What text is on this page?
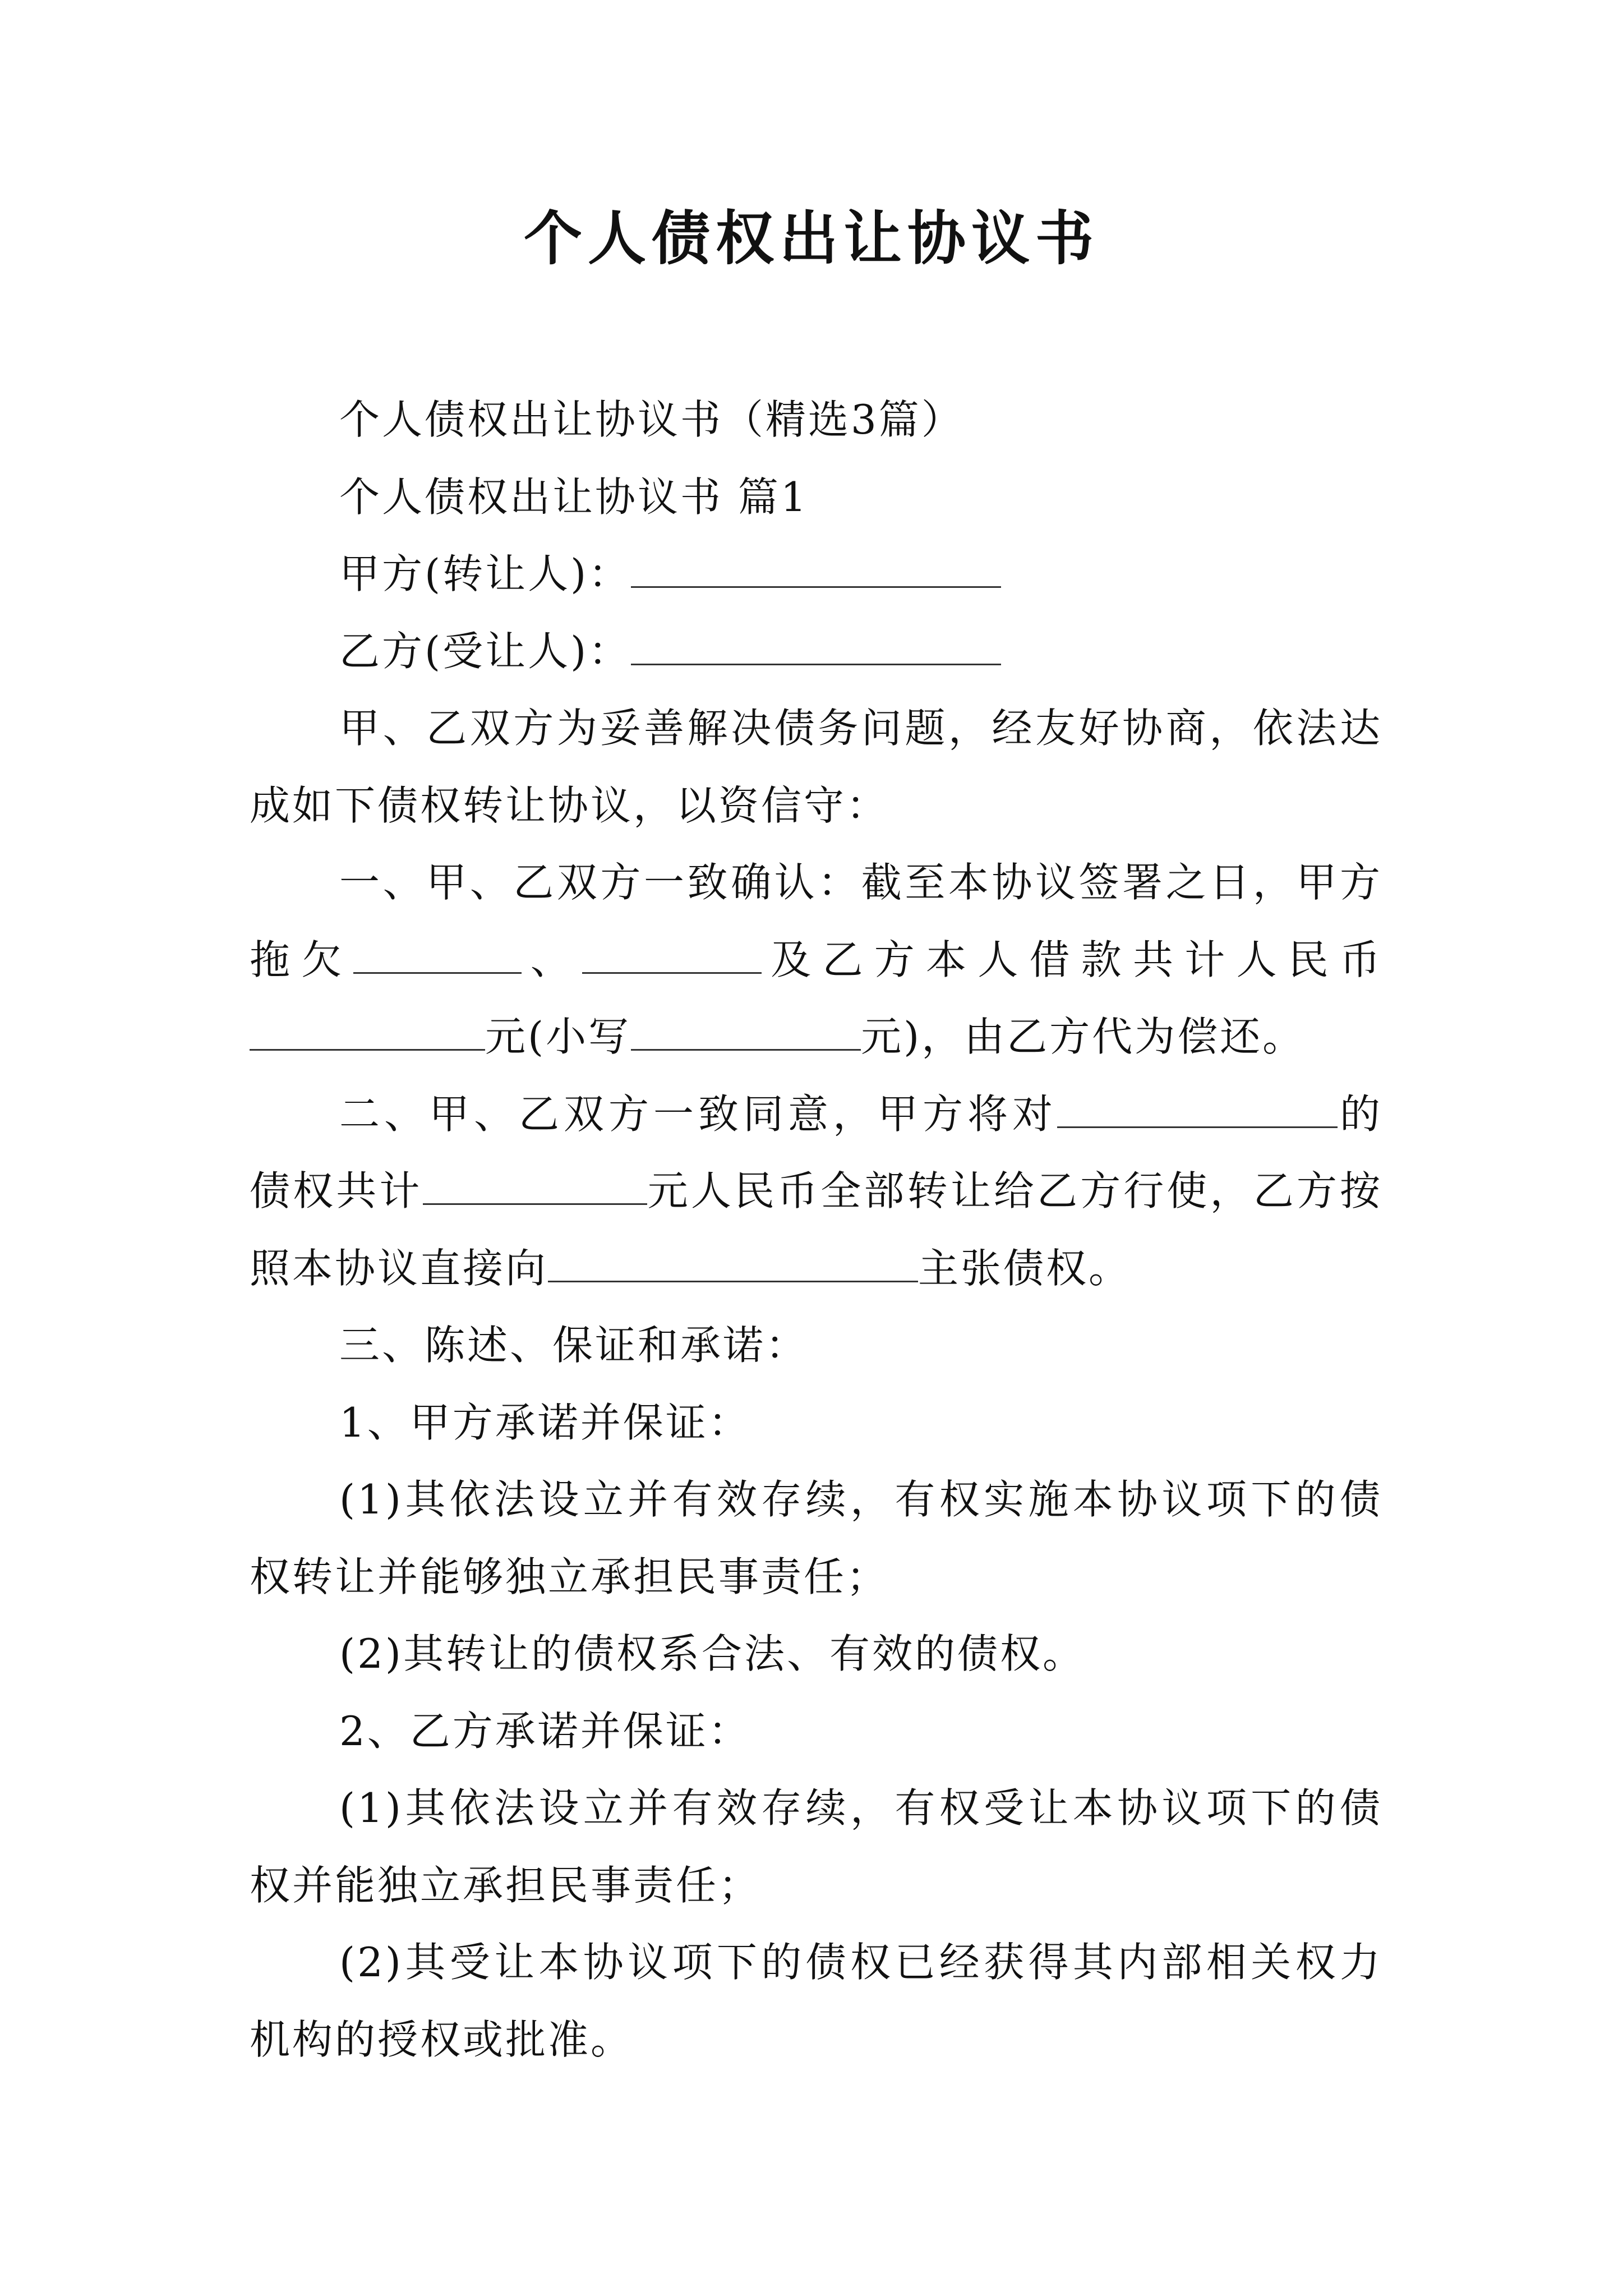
个人债权出让协议书

个人债权出让协议书（精选3篇）

个人债权出让协议书 篇1

甲方(转让人)：

乙方(受让人)：

甲、乙双方为妥善解决债务问题，经友好协商，依法达成如下债权转让协议，以资信守：

一、甲、乙双方一致确认：截至本协议签署之日，甲方拖欠	、	及乙方本人借款共计人民币元(小写	元)，由乙方代为偿还。

二、甲、乙双方一致同意，甲方将对	的债权共计	元人民币全部转让给乙方行使，乙方按照本协议直接向	主张债权。

三、陈述、保证和承诺：

1、甲方承诺并保证：

(1)其依法设立并有效存续，有权实施本协议项下的债权转让并能够独立承担民事责任；

(2)其转让的债权系合法、有效的债权。

2、乙方承诺并保证：

(1)其依法设立并有效存续，有权受让本协议项下的债权并能独立承担民事责任；

(2)其受让本协议项下的债权已经获得其内部相关权力机构的授权或批准。
